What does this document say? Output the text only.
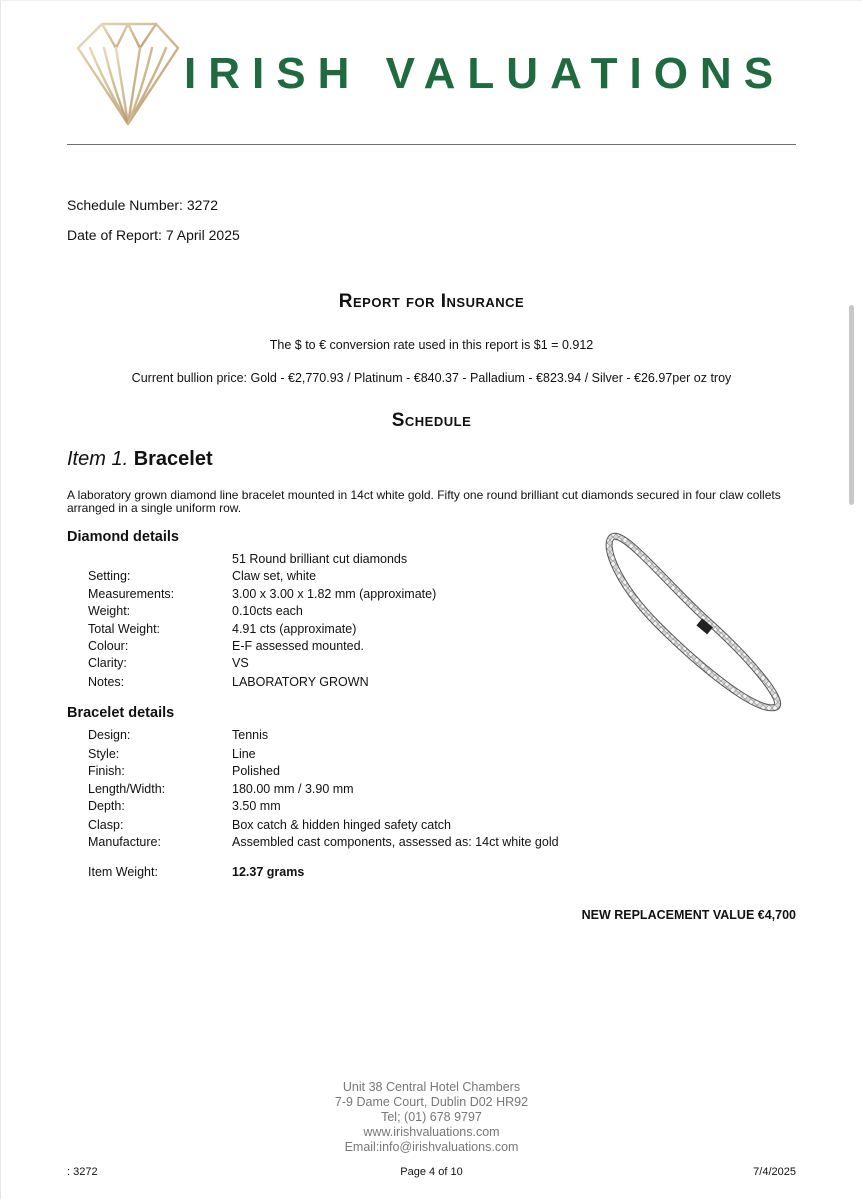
IRISH VALUATIONS
Schedule Number: 3272
Date of Report: 7 April 2025
Report for Insurance
The $ to € conversion rate used in this report is $1 = 0.912
Current bullion price: Gold - €2,770.93 / Platinum - €840.37 - Palladium - €823.94 / Silver - €26.97per oz troy
Schedule
Item 1. Bracelet
A laboratory grown diamond line bracelet mounted in 14ct white gold. Fifty one round brilliant cut diamonds secured in four claw collets arranged in a single uniform row.
Diamond details
51 Round brilliant cut diamonds
Setting:	Claw set, white
Measurements:	3.00 x 3.00 x 1.82 mm (approximate)
Weight:	0.10cts each
Total Weight:	4.91 cts (approximate)
Colour:	E-F assessed mounted.
Clarity:	VS
Notes:	LABORATORY GROWN
Bracelet details
Design:	Tennis
Style:	Line
Finish:	Polished
Length/Width:	180.00 mm / 3.90 mm
Depth:	3.50 mm
Clasp:	Box catch & hidden hinged safety catch
Manufacture:	Assembled cast components, assessed as: 14ct white gold
Item Weight:	12.37 grams
NEW REPLACEMENT VALUE €4,700
Unit 38 Central Hotel Chambers
7-9 Dame Court, Dublin D02 HR92
Tel; (01) 678 9797
www.irishvaluations.com
Email:info@irishvaluations.com
: 3272	Page 4 of 10	7/4/2025
